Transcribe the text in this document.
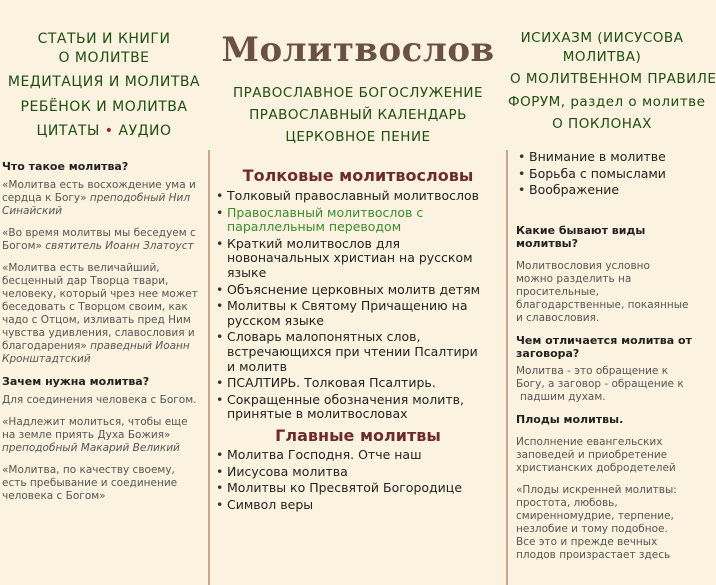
СТАТЬИ И КНИГИ
О МОЛИТВЕ
МЕДИТАЦИЯ И МОЛИТВА
РЕБЁНОК И МОЛИТВА
ЦИТАТЫ • АУДИО
Что такое молитва?
«Молитва есть восхождение ума и сердца к Богу» преподобный Нил Синайский
«Во время молитвы мы беседуем с Богом» святитель Иоанн Златоуст
«Молитва есть величайший, бесценный дар Творца твари, человеку, который чрез нее может беседовать с Творцом своим, как чадо с Отцом, изливать пред Ним чувства удивления, славословия и благодарения» праведный Иоанн Кронштадтский
Зачем нужна молитва?
Для соединения человека с Богом.
«Надлежит молиться, чтобы еще на земле приять Духа Божия» преподобный Макарий Великий
«Молитва, по качеству своему, есть пребывание и соединение человека с Богом»
Молитвослов
ПРАВОСЛАВНОЕ БОГОСЛУЖЕНИЕ
ПРАВОСЛАВНЫЙ КАЛЕНДАРЬ
ЦЕРКОВНОЕ ПЕНИЕ
Толковые молитвословы
• Толковый православный молитвослов
• Православный молитвослов с параллельным переводом
• Краткий молитвослов для новоначальных христиан на русском языке
• Объяснение церковных молитв детям
• Молитвы к Святому Причащению на русском языке
• Словарь малопонятных слов, встречающихся при чтении Псалтири и молитв
• ПСАЛТИРЬ. Толковая Псалтирь.
• Сокращенные обозначения молитв, принятые в молитвословах
Главные молитвы
• Молитва Господня. Отче наш
• Иисусова молитва
• Молитвы ко Пресвятой Богородице
• Символ веры
ИСИХАЗМ (ИИСУСОВА
МОЛИТВА)
О МОЛИТВЕННОМ ПРАВИЛЕ
ФОРУМ, раздел о молитве
О ПОКЛОНАХ
• Внимание в молитве
• Борьба с помыслами
• Воображение
Какие бывают виды
молитвы?
Молитвословия условно
можно разделить на
просительные,
благодарственные, покаянные
и славословия.
Чем отличается молитва от
заговора?
Молитва - это обращение к
Богу, а заговор - обращение к
падшим духам.
Плоды молитвы.
Исполнение евангельских
заповедей и приобретение
христианских добродетелей
«Плоды искренней молитвы:
простота, любовь,
смиренномудрие, терпение,
незлобие и тому подобное.
Все это и прежде вечных
плодов произрастает здесь
